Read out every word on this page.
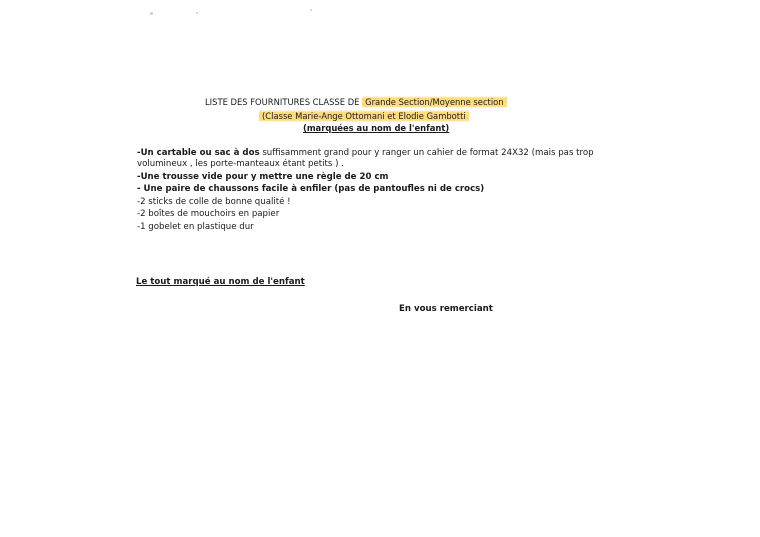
LISTE DES FOURNITURES CLASSE DE Grande Section/Moyenne section
(Classe Marie-Ange Ottomani et Elodie Gambotti
(marquées au nom de l'enfant)

-Un cartable ou sac à dos suffisamment grand pour y ranger un cahier de format 24X32 (mais pas trop volumineux , les porte-manteaux étant petits ) .

-Une trousse vide pour y mettre une règle de 20 cm

- Une paire de chaussons facile à enfiler (pas de pantoufles ni de crocs)

-2 sticks de colle de bonne qualité !

-2 boîtes de mouchoirs en papier

-1 gobelet en plastique dur

Le tout marqué au nom de l'enfant
En vous remerciant
